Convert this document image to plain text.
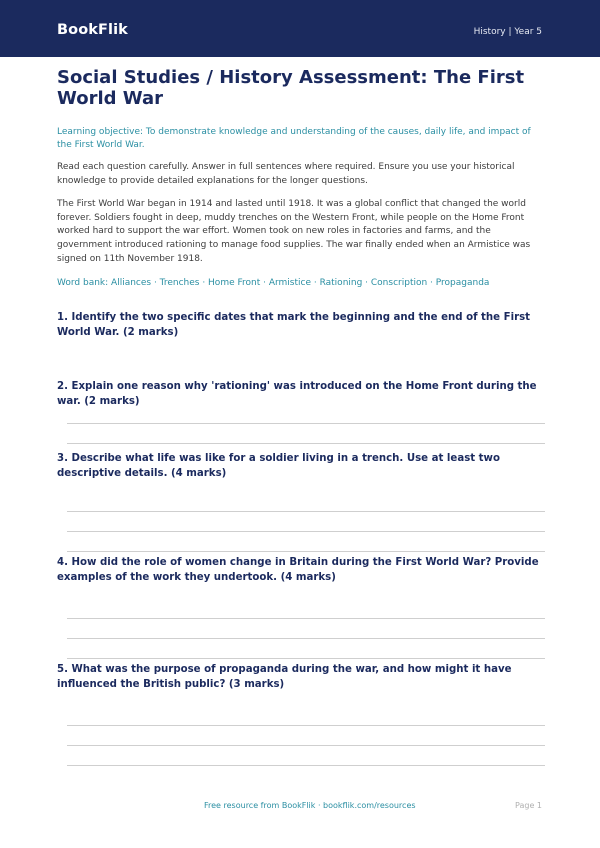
BookFlik	History | Year 5
Social Studies / History Assessment: The First World War
Learning objective: To demonstrate knowledge and understanding of the causes, daily life, and impact of the First World War.

Read each question carefully. Answer in full sentences where required. Ensure you use your historical knowledge to provide detailed explanations for the longer questions.

The First World War began in 1914 and lasted until 1918. It was a global conflict that changed the world forever. Soldiers fought in deep, muddy trenches on the Western Front, while people on the Home Front worked hard to support the war effort. Women took on new roles in factories and farms, and the government introduced rationing to manage food supplies. The war finally ended when an Armistice was signed on 11th November 1918.

Word bank: Alliances · Trenches · Home Front · Armistice · Rationing · Conscription · Propaganda
1. Identify the two specific dates that mark the beginning and the end of the First World War. (2 marks)
2. Explain one reason why 'rationing' was introduced on the Home Front during the war. (2 marks)
3. Describe what life was like for a soldier living in a trench. Use at least two descriptive details. (4 marks)
4. How did the role of women change in Britain during the First World War? Provide examples of the work they undertook. (4 marks)
5. What was the purpose of propaganda during the war, and how might it have influenced the British public? (3 marks)
Free resource from BookFlik · bookflik.com/resources	Page 1
